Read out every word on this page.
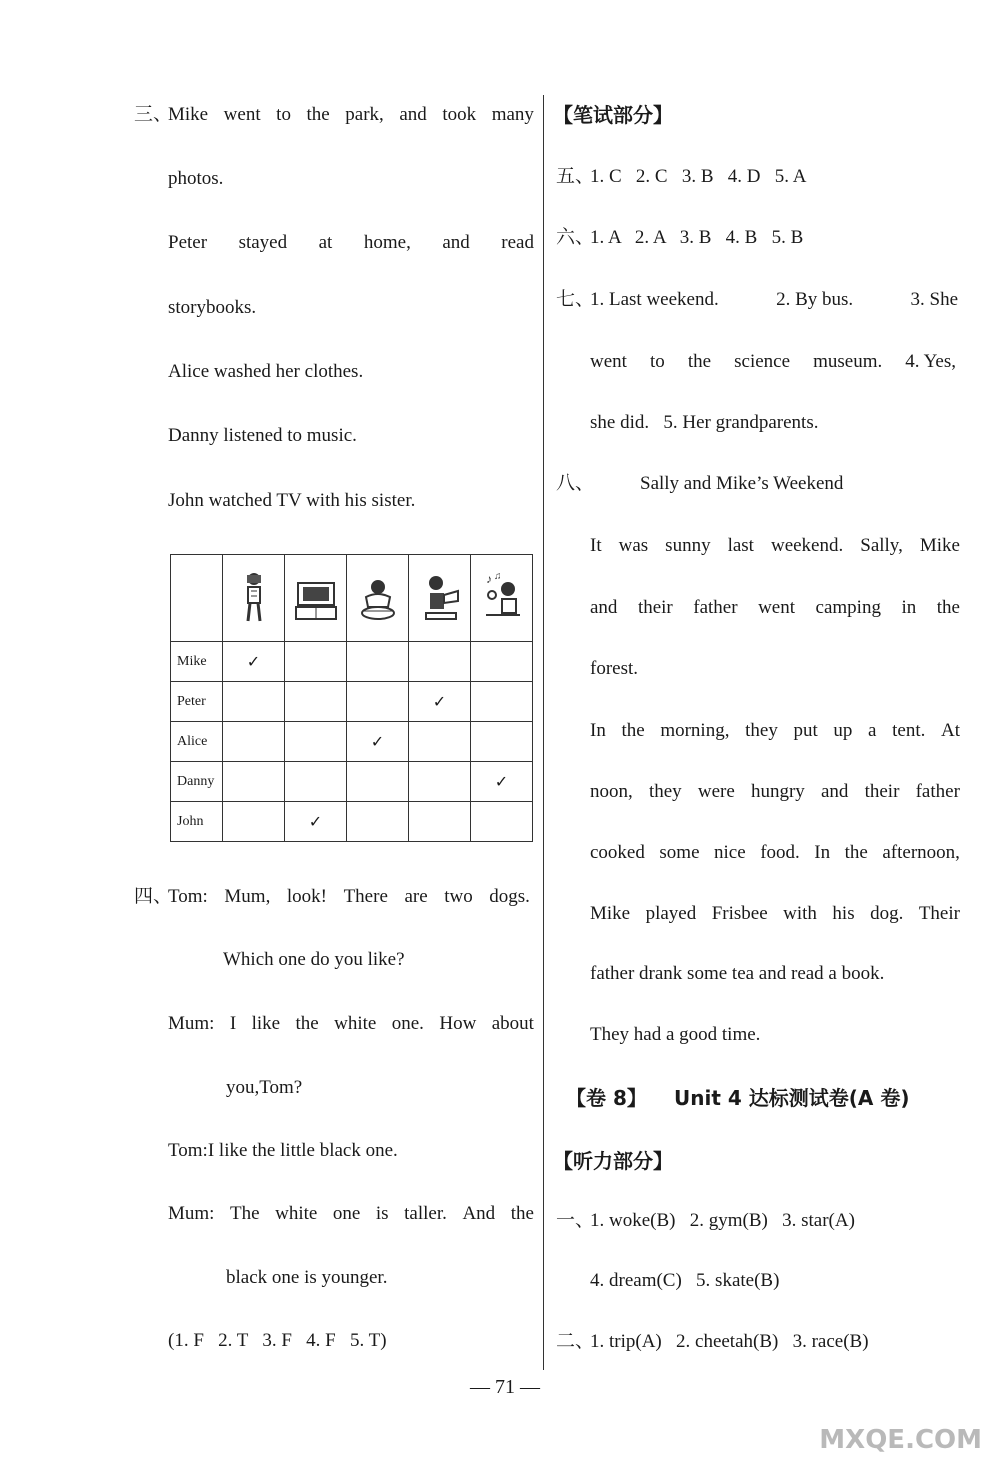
三、
Mike went to the park, and took many
photos.
Peter stayed at home, and read
storybooks.
Alice washed her clothes.
Danny listened to music.
John watched TV with his sister.

♪ ♫

Mike	✓				
Peter				✓	
Alice			✓		
Danny					✓
John		✓			
四、
Tom: Mum, look! There are two dogs.
Which one do you like?
Mum: I like the white one. How about
you,Tom?
Tom:I like the little black one.
Mum: The white one is taller. And the
black one is younger.
(1. F   2. T   3. F   4. F   5. T)
【笔试部分】
五、
1. C   2. C   3. B   4. D   5. A
六、
1. A   2. A   3. B   4. B   5. B
七、
1. Last weekend.	2. By bus.	3. She
went to the science museum. 4. Yes,
she did.   5. Her grandparents.
八、 Sally and Mike’s Weekend
It was sunny last weekend. Sally, Mike
and their father went camping in the
forest.
In the morning, they put up a tent. At
noon, they were hungry and their father
cooked some nice food. In the afternoon,
Mike played Frisbee with his dog. Their
father drank some tea and read a book.
They had a good time.
【卷 8】 Unit 4 达标测试卷(A 卷)
【听力部分】
一、
1. woke(B)   2. gym(B)   3. star(A)
4. dream(C)   5. skate(B)
二、
1. trip(A)   2. cheetah(B)   3. race(B)
— 71 —
MXQE.COM
